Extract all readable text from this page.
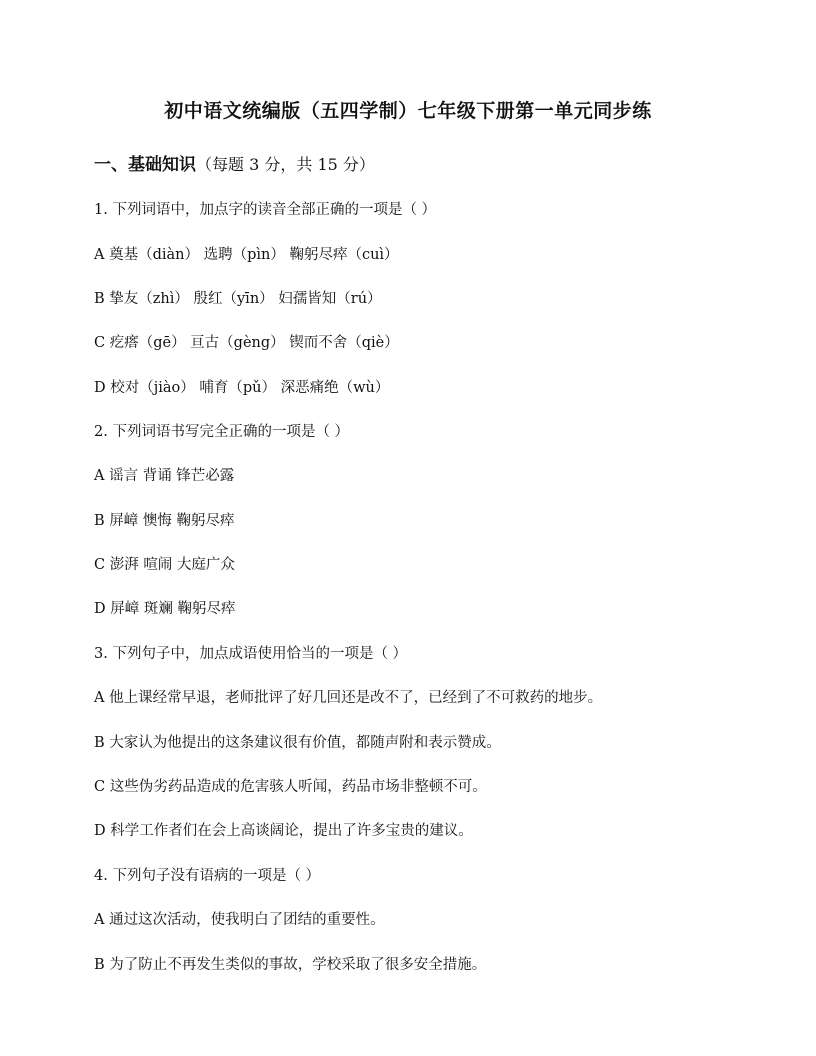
初中语文统编版（五四学制）七年级下册第一单元同步练
一、基础知识（每题 3 分，共 15 分）
1. 下列词语中，加点字的读音全部正确的一项是（ ）
A 奠基（diàn） 选聘（pìn） 鞠躬尽瘁（cuì）
B 挚友（zhì） 殷红（yīn） 妇孺皆知（rú）
C 疙瘩（gē） 亘古（gèng） 锲而不舍（qiè）
D 校对（jiào） 哺育（pǔ） 深恶痛绝（wù）
2. 下列词语书写完全正确的一项是（ ）
A 谣言 背诵 锋芒必露
B 屏嶂 懊悔 鞠躬尽瘁
C 澎湃 喧闹 大庭广众
D 屏嶂 斑斓 鞠躬尽瘁
3. 下列句子中，加点成语使用恰当的一项是（ ）
A 他上课经常早退，老师批评了好几回还是改不了，已经到了不可救药的地步。
B 大家认为他提出的这条建议很有价值，都随声附和表示赞成。
C 这些伪劣药品造成的危害骇人听闻，药品市场非整顿不可。
D 科学工作者们在会上高谈阔论，提出了许多宝贵的建议。
4. 下列句子没有语病的一项是（ ）
A 通过这次活动，使我明白了团结的重要性。
B 为了防止不再发生类似的事故，学校采取了很多安全措施。
